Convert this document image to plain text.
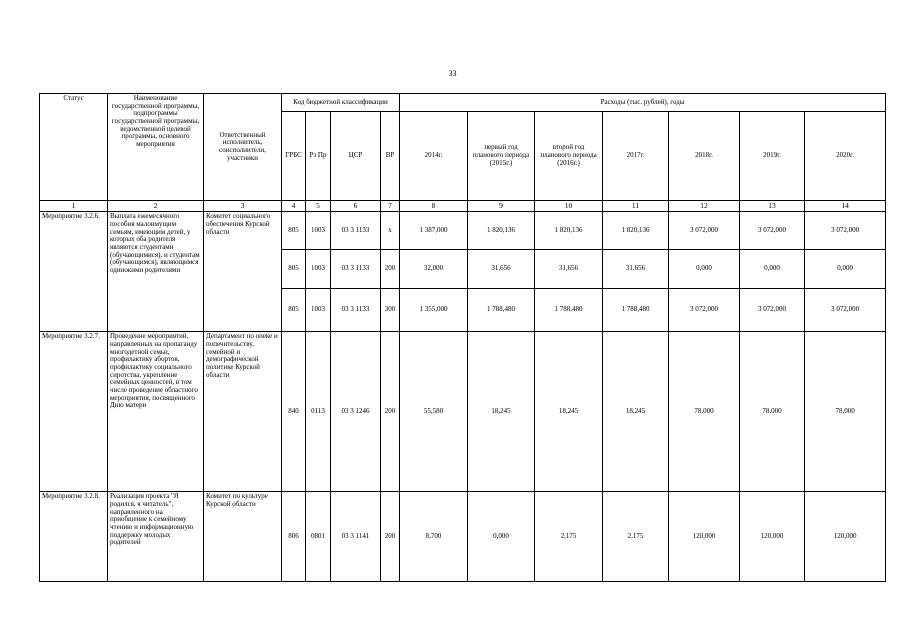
33
Статус	Наименование государственной программы, подпрограммы государственной программы, ведомственной целевой программы, основного мероприятия	Ответственный исполнитель, соисполнители, участники	Код бюджетной классификации				Расходы (тыс. рублей), годы						
			ГРБС	Рз Пр	ЦСР	ВР	2014г.	первый год планового периода (2015г.)	второй год планового периода (2016г.)	2017г.	2018г.	2019г.	2020г.
1	2	3	4	5	6	7	8	9	10	11	12	13	14
Мероприятие 3.2.6.	Выплата ежемесячного пособия малоимущим семьям, имеющим детей, у которых оба родителя являются студентами (обучающимися), и студентам (обучающимся), являющимся одинокими родителями	Комитет социального обеспечения Курской области	805	1003	03 3 1133	х	1 387,000	1 820,136	1 820,136	1 820,136	3 072,000	3 072,000	3 072,000
			805	1003	03 3 1133	200	32,000	31,656	31,656	31,656	0,000	0,000	0,000
			805	1003	03 3 1133	300	1 355,000	1 788,480	1 788,480	1 788,480	3 072,000	3 072,000	3 072,000
Мероприятие 3.2.7.	Проведение мероприятий, направленных на пропаганду многодетной семьи, профилактику абортов, профилактику социального сиротства, укрепление семейных ценностей, в том числе проведение областного мероприятия, посвященного Дню матери	Департамент по опеке и попечительству, семейной и демографической политике Курской области	840	0113	03 3 1246	200	55,580	18,245	18,245	18,245	78,000	78,000	78,000
Мероприятие 3.2.8.	Реализация проекта "Я родился, я читатель", направленного на приобщение к семейному чтению и информационную поддержку молодых родителей	Комитет по культуре Курской области	806	0801	03 3 1141	200	8,700	0,000	2,175	2,175	120,000	120,000	120,000
